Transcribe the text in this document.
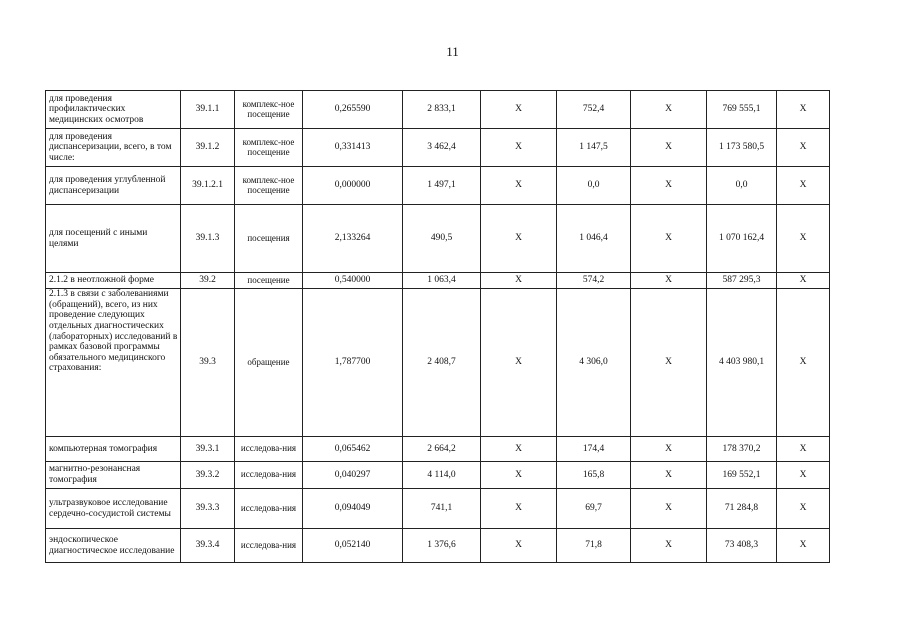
11
для проведения профилактических медицинских осмотров	39.1.1	комплекс-ное посещение	0,265590	2 833,1	Х	752,4	Х	769 555,1	Х
для проведения диспансеризации, всего, в том числе:	39.1.2	комплекс-ное посещение	0,331413	3 462,4	Х	1 147,5	Х	1 173 580,5	Х
для проведения углубленной диспансеризации	39.1.2.1	комплекс-ное посещение	0,000000	1 497,1	Х	0,0	Х	0,0	Х
для посещений с иными целями	39.1.3	посещения	2,133264	490,5	Х	1 046,4	Х	1 070 162,4	Х
2.1.2 в неотложной форме	39.2	посещение	0,540000	1 063,4	Х	574,2	Х	587 295,3	Х
2.1.3 в связи с заболеваниями (обращений), всего, из них проведение следующих отдельных диагностических (лабораторных) исследований в рамках базовой программы обязательного медицинского страхования:	39.3	обращение	1,787700	2 408,7	Х	4 306,0	Х	4 403 980,1	Х
компьютерная томография	39.3.1	исследова-ния	0,065462	2 664,2	Х	174,4	Х	178 370,2	Х
магнитно-резонансная томография	39.3.2	исследова-ния	0,040297	4 114,0	Х	165,8	Х	169 552,1	Х
ультразвуковое исследование сердечно-сосудистой системы	39.3.3	исследова-ния	0,094049	741,1	Х	69,7	Х	71 284,8	Х
эндоскопическое диагностическое исследование	39.3.4	исследова-ния	0,052140	1 376,6	Х	71,8	Х	73 408,3	Х
